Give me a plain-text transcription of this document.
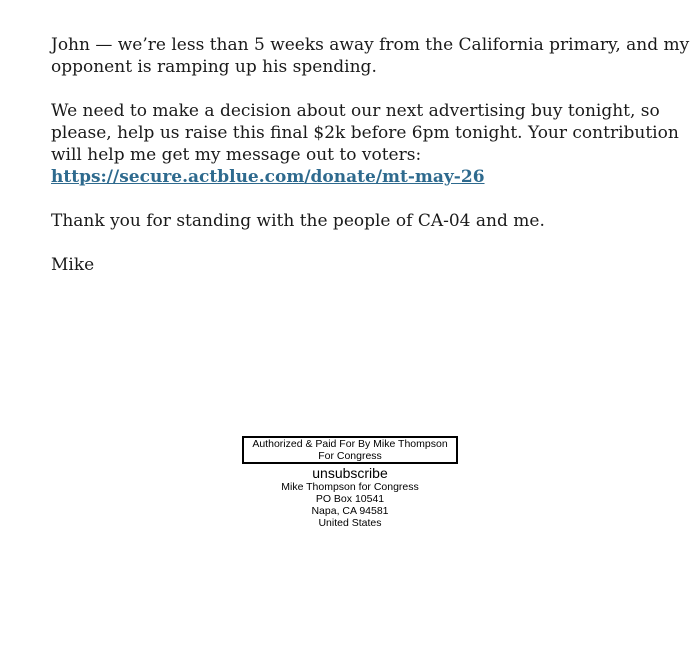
John — we’re less than 5 weeks away from the California primary, and my
opponent is ramping up his spending.
We need to make a decision about our next advertising buy tonight, so
please, help us raise this final $2k before 6pm tonight. Your contribution
will help me get my message out to voters:
https://secure.actblue.com/donate/mt-may-26
Thank you for standing with the people of CA-04 and me.
Mike
Authorized & Paid For By Mike Thompson
For Congress
unsubscribe
Mike Thompson for Congress
PO Box 10541
Napa, CA 94581
United States
